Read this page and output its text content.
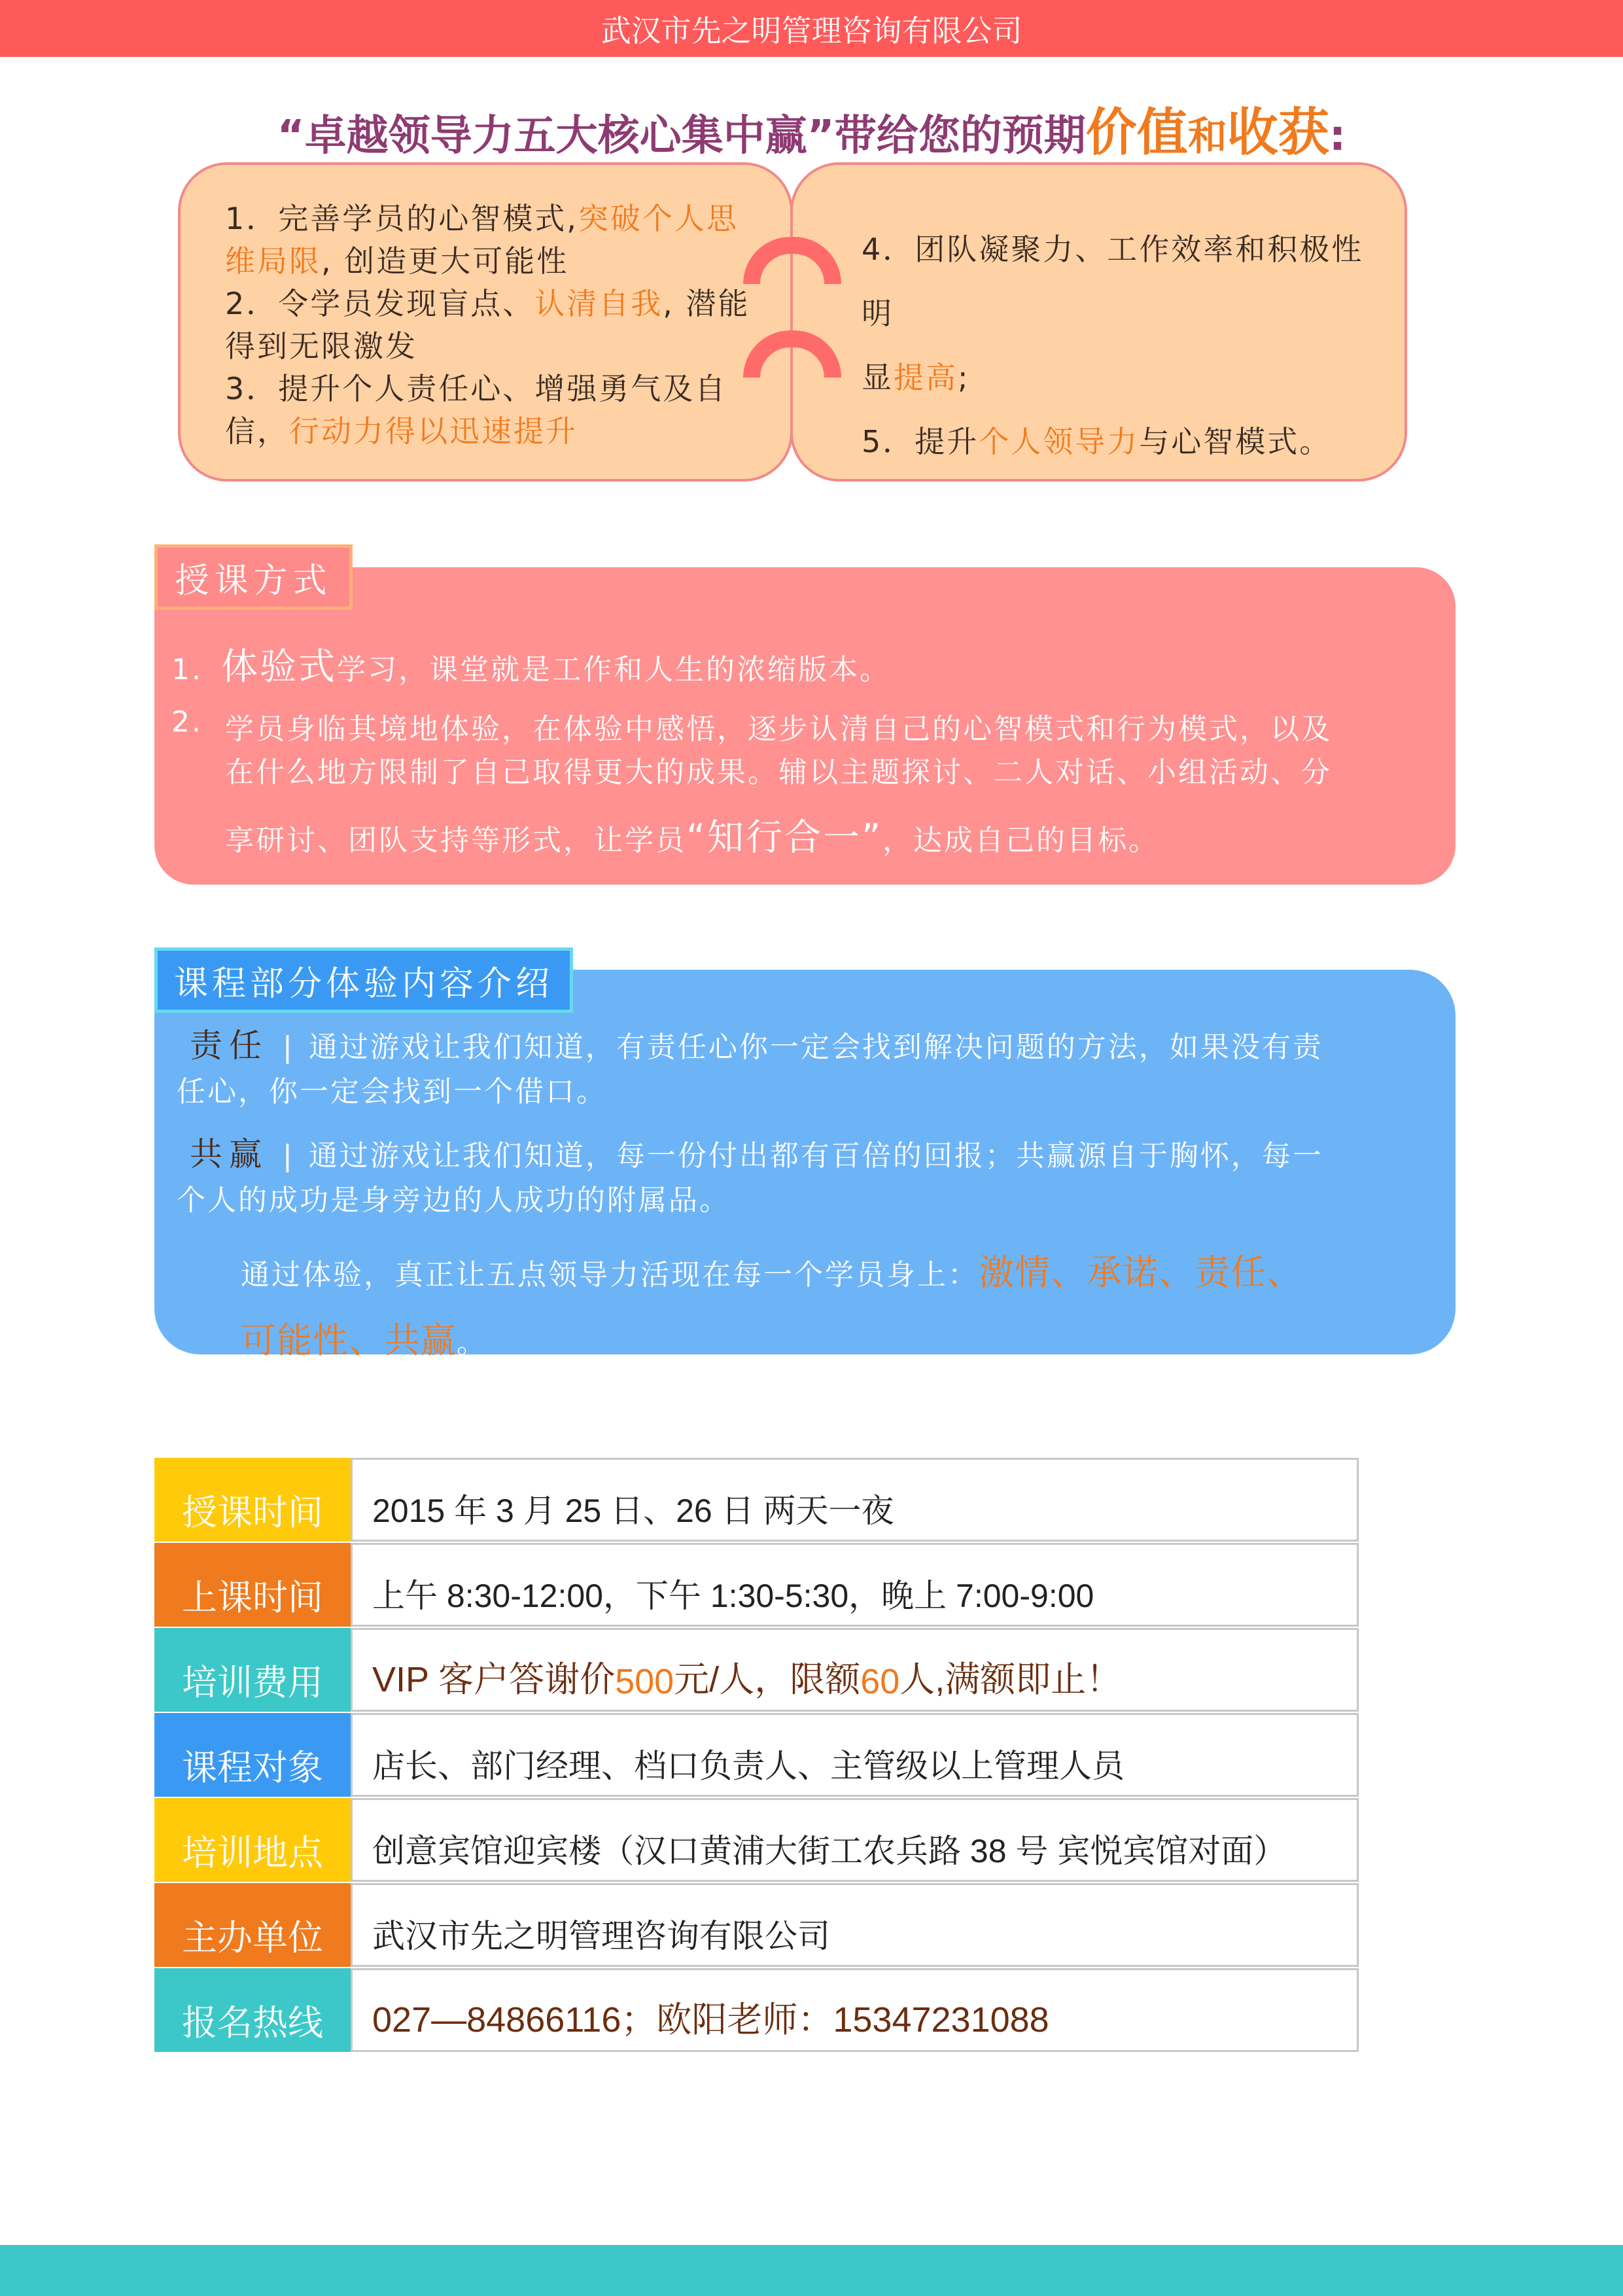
武汉市先之明管理咨询有限公司
“卓越领导力五大核心集中赢”带给您的预期价值和收获:
4．团队凝聚力、工作效率和积极性明
显提高;
5．提升个人领导力与心智模式。
1．完善学员的心智模式,突破个人思
维局限, 创造更大可能性
2．令学员发现盲点、认清自我, 潜能
得到无限激发
3．提升个人责任心、增强勇气及自
信，行动力得以迅速提升
授课方式
1. 体验式学习，课堂就是工作和人生的浓缩版本。
2. 学员身临其境地体验，在体验中感悟，逐步认清自己的心智模式和行为模式，以及
在什么地方限制了自己取得更大的成果。辅以主题探讨、二人对话、小组活动、分
享研讨、团队支持等形式，让学员“知行合一”，达成自己的目标。
课程部分体验内容介绍
责任 | 通过游戏让我们知道，有责任心你一定会找到解决问题的方法，如果没有责
任心，你一定会找到一个借口。
共赢 | 通过游戏让我们知道，每一份付出都有百倍的回报；共赢源自于胸怀，每一
个人的成功是身旁边的人成功的附属品。
通过体验，真正让五点领导力活现在每一个学员身上：激情、承诺、责任、
可能性、共赢。
授课时间	2015 年 3 月 25 日、26 日 两天一夜
上课时间	上午 8:30-12:00，下午 1:30-5:30，晚上 7:00-9:00
培训费用	VIP 客户答谢价 500 元/人，限额 60 人,满额即止！
课程对象	店长、部门经理、档口负责人、主管级以上管理人员
培训地点	创意宾馆迎宾楼（汉口黄浦大街工农兵路 38 号 宾悦宾馆对面）
主办单位	武汉市先之明管理咨询有限公司
报名热线	027—84866116；欧阳老师：15347231088
